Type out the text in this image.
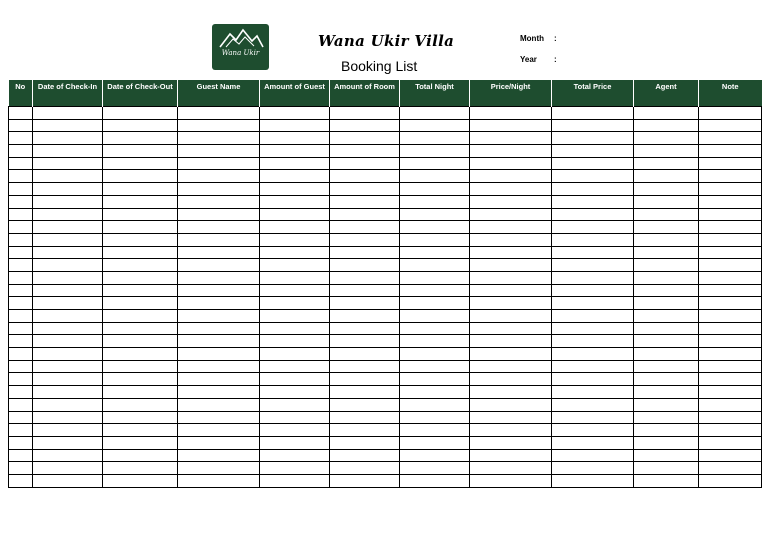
Wana Ukir
Wana Ukir Villa
Booking List
Month :
Year :
No	Date of Check-In	Date of Check-Out	Guest Name	Amount of Guest	Amount of Room	Total Night	Price/Night	Total Price	Agent	Note
